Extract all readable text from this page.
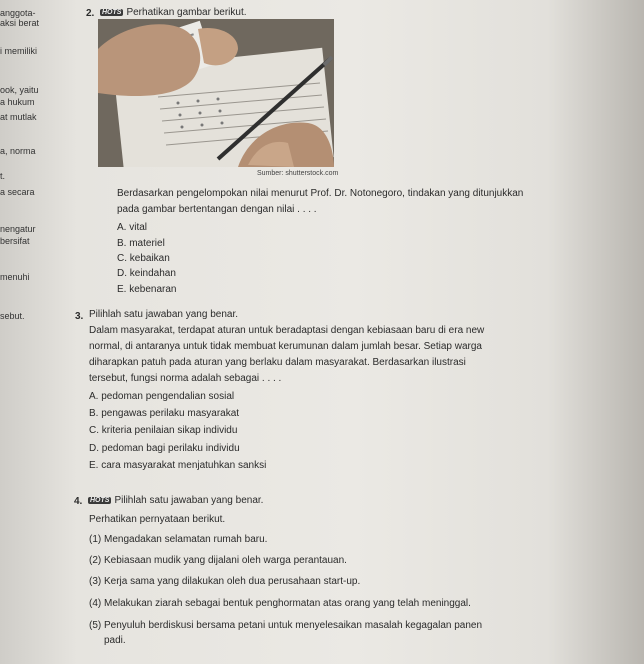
anggota-
aksi berat
i memiliki
ook, yaitu
a hukum
at mutlak
a, norma
t.
a secara
nengatur
bersifat
menuhi
sebut.
2. HOTS Perhatikan gambar berikut.
Sumber: shutterstock.com
Berdasarkan pengelompokan nilai menurut Prof. Dr. Notonegoro, tindakan yang ditunjukkan
pada gambar bertentangan dengan nilai . . . .
A. vital
B. materiel
C. kebaikan
D. keindahan
E. kebenaran
3. Pilihlah satu jawaban yang benar.
Dalam masyarakat, terdapat aturan untuk beradaptasi dengan kebiasaan baru di era new
normal, di antaranya untuk tidak membuat kerumunan dalam jumlah besar. Setiap warga
diharapkan patuh pada aturan yang berlaku dalam masyarakat. Berdasarkan ilustrasi
tersebut, fungsi norma adalah sebagai . . . .
A. pedoman pengendalian sosial
B. pengawas perilaku masyarakat
C. kriteria penilaian sikap individu
D. pedoman bagi perilaku individu
E. cara masyarakat menjatuhkan sanksi
4. HOTS Pilihlah satu jawaban yang benar.
Perhatikan pernyataan berikut.
(1) Mengadakan selamatan rumah baru.
(2) Kebiasaan mudik yang dijalani oleh warga perantauan.
(3) Kerja sama yang dilakukan oleh dua perusahaan start-up.
(4) Melakukan ziarah sebagai bentuk penghormatan atas orang yang telah meninggal.
(5) Penyuluh berdiskusi bersama petani untuk menyelesaikan masalah kegagalan panen
padi.
